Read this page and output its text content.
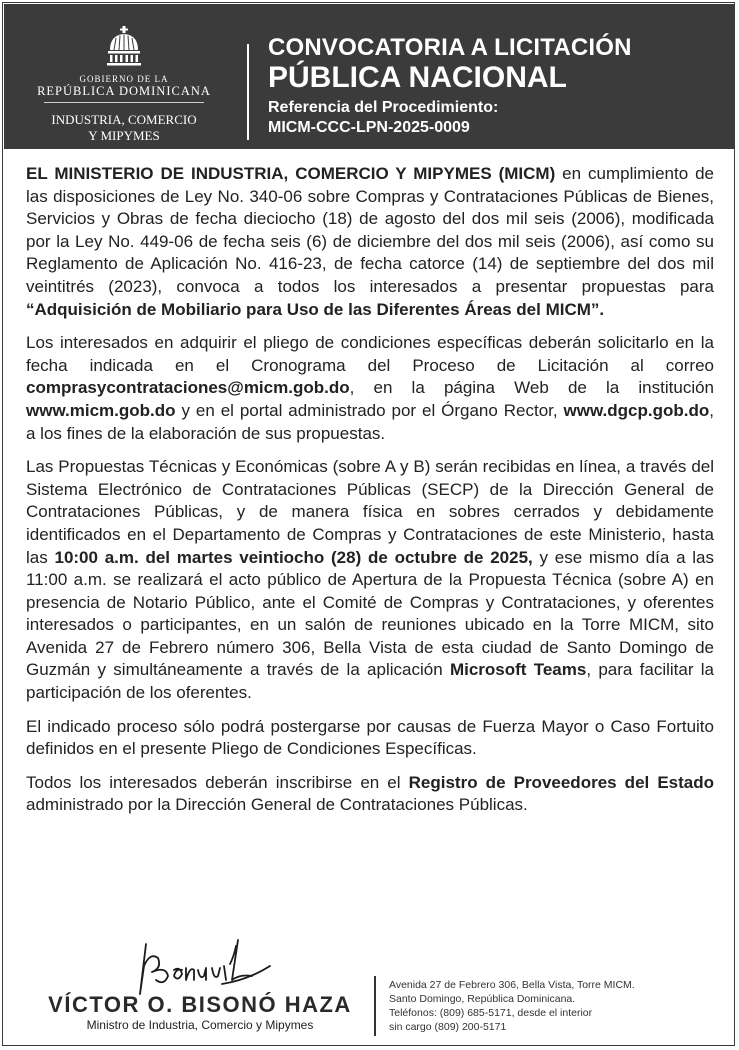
GOBIERNO DE LA
REPÚBLICA DOMINICANA
INDUSTRIA, COMERCIO
Y MIPYMES
CONVOCATORIA A LICITACIÓN
PÚBLICA NACIONAL
Referencia del Procedimiento:
MICM-CCC-LPN-2025-0009

EL MINISTERIO DE INDUSTRIA, COMERCIO Y MIPYMES (MICM) en cumplimiento de las disposiciones de Ley No. 340-06 sobre Compras y Contrataciones Públicas de Bienes, Servicios y Obras de fecha dieciocho (18) de agosto del dos mil seis (2006), modificada por la Ley No. 449-06 de fecha seis (6) de diciembre del dos mil seis (2006), así como su Reglamento de Aplicación No. 416-23, de fecha catorce (14) de septiembre del dos mil veintitrés (2023), convoca a todos los interesados a presentar propuestas para “Adquisición de Mobiliario para Uso de las Diferentes Áreas del MICM”.

Los interesados en adquirir el pliego de condiciones específicas deberán solicitarlo en la fecha indicada en el Cronograma del Proceso de Licitación al correo comprasycontrataciones@micm.gob.do, en la página Web de la institución www.micm.gob.do y en el portal administrado por el Órgano Rector, www.dgcp.gob.do, a los fines de la elaboración de sus propuestas.

Las Propuestas Técnicas y Económicas (sobre A y B) serán recibidas en línea, a través del Sistema Electrónico de Contrataciones Públicas (SECP) de la Dirección General de Contrataciones Públicas, y de manera física en sobres cerrados y debidamente identificados en el Departamento de Compras y Contrataciones de este Ministerio, hasta las 10:00 a.m. del martes veintiocho (28) de octubre de 2025, y ese mismo día a las 11:00 a.m. se realizará el acto público de Apertura de la Propuesta Técnica (sobre A) en presencia de Notario Público, ante el Comité de Compras y Contrataciones, y oferentes interesados o participantes, en un salón de reuniones ubicado en la Torre MICM, sito Avenida 27 de Febrero número 306, Bella Vista de esta ciudad de Santo Domingo de Guzmán y simultáneamente a través de la aplicación Microsoft Teams, para facilitar la participación de los oferentes.

El indicado proceso sólo podrá postergarse por causas de Fuerza Mayor o Caso Fortuito definidos en el presente Pliego de Condiciones Específicas.

Todos los interesados deberán inscribirse en el Registro de Proveedores del Estado administrado por la Dirección General de Contrataciones Públicas.

VÍCTOR O. BISONÓ HAZA
Ministro de Industria, Comercio y Mipymes
Avenida 27 de Febrero 306, Bella Vista, Torre MICM.
Santo Domingo, República Dominicana.
Teléfonos: (809) 685-5171, desde el interior
sin cargo (809) 200-5171
